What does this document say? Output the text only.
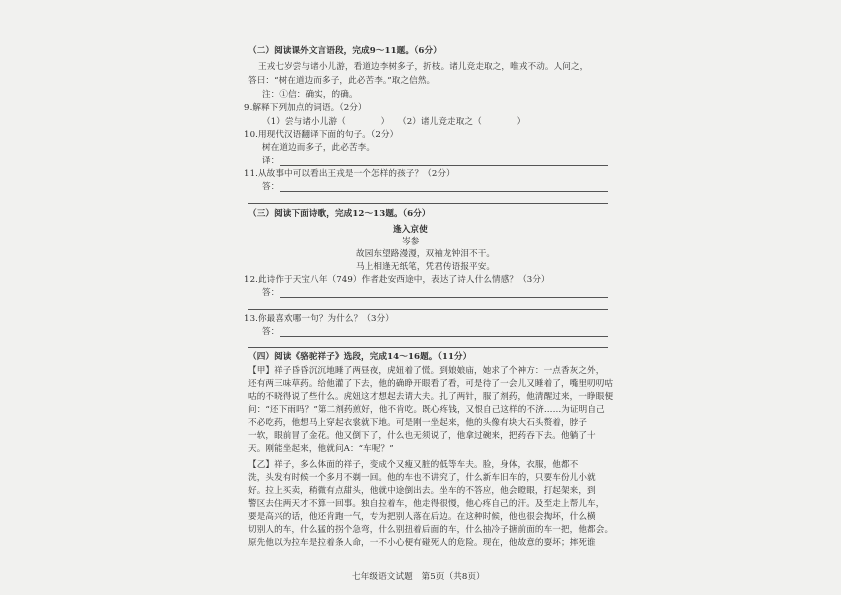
（二）阅读课外文言语段，完成9～11题。（6分）
王戎七岁尝与诸小儿游，看道边李树多子，折枝。诸儿竞走取之，唯戎不动。人问之，
答曰：“树在道边而多子，此必苦李。”取之信然。
注：①信：确实，的确。
9.解释下列加点的词语。（2分）
（1）尝与诸小儿游（　　　　） （2）诸儿竞走取之（　　　　）
10.用现代汉语翻译下面的句子。（2分）
树在道边而多子，此必苦李。
译：
11.从故事中可以看出王戎是一个怎样的孩子？（2分）
答：
（三）阅读下面诗歌，完成12～13题。（6分）
逢入京使
岑参
故园东望路漫漫，双袖龙钟泪不干。
马上相逢无纸笔，凭君传语报平安。
12.此诗作于天宝八年（749）作者赴安西途中，表达了诗人什么情感？（3分）
答：
13.你最喜欢哪一句？为什么？（3分）
答：
（四）阅读《骆驼祥子》选段，完成14～16题。（11分）
【甲】祥子昏昏沉沉地睡了两昼夜，虎妞着了慌。到娘娘庙，她求了个神方：一点香灰之外，
还有两三味草药。给他灌了下去，他的确睁开眼看了看，可是待了一会儿又睡着了，嘴里叨叨咕
咕的不晓得说了些什么。虎妞这才想起去请大夫。扎了两针，服了剂药，他清醒过来，一睁眼便
问：“还下雨吗？”第二剂药煎好，他不肯吃。既心疼钱，又恨自己这样的不济……为证明自己
不必吃药，他想马上穿起衣裳就下地。可是刚一坐起来，他的头像有块大石头赘着，脖子
一软，眼前冒了金花。他又倒下了，什么也无须说了，他拿过碗来，把药吞下去。他躺了十
天。刚能坐起来，他就问A：“车呢？”
【乙】祥子，多么体面的祥子，变成个又瘦又脏的低等车夫。脸，身体，衣服，他都不
洗，头发有时候一个多月不剃一回。他的车也不讲究了，什么新车旧车的，只要车份儿小就
好。拉上买卖，稍微有点甜头，他就中途倒出去。坐车的不答应，他会瞪眼，打起架来，到
警区去住两天才不算一回事。独自拉着车，他走得很慢，他心疼自己的汗。及至走上帮儿车，
要是高兴的话，他还肯跑一气，专为把别人落在后边。在这种时候，他也很会掏坏，什么横
切别人的车，什么猛的拐个急弯，什么别扭着后面的车，什么抽冷子搪前面的车一把，他都会。
原先他以为拉车是拉着条人命，一不小心便有碰死人的危险。现在，他故意的耍坏；摔死谁
七年级语文试题　第5页（共8页）
